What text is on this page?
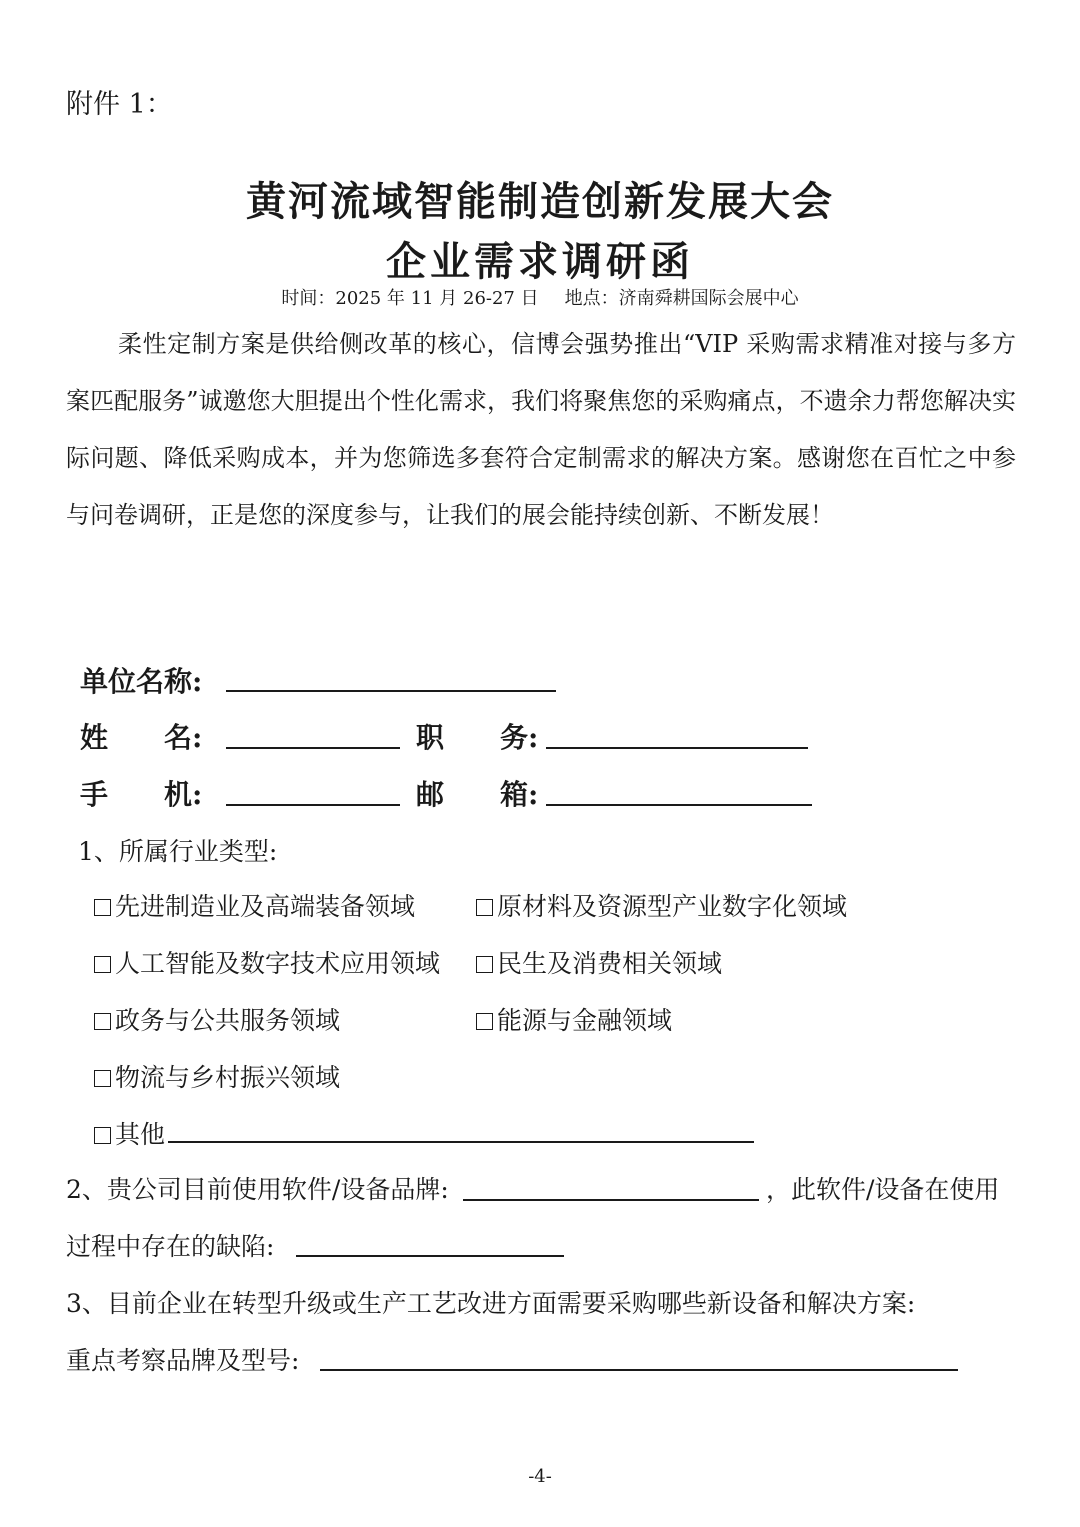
附件 1：
黄河流域智能制造创新发展大会
企业需求调研函
时间：2025 年 11 月 26-27 日 地点：济南舜耕国际会展中心
柔性定制方案是供给侧改革的核心，信博会强势推出“VIP 采购需求精准对接与多方案匹配服务”诚邀您大胆提出个性化需求，我们将聚焦您的采购痛点，不遗余力帮您解决实际问题、降低采购成本，并为您筛选多套符合定制需求的解决方案。感谢您在百忙之中参与问卷调研，正是您的深度参与，让我们的展会能持续创新、不断发展！
单位名称:
姓　　名:	职　　务:
手　　机:	邮　　箱:
1、所属行业类型:
先进制造业及高端装备领域	原材料及资源型产业数字化领域
人工智能及数字技术应用领域	民生及消费相关领域
政务与公共服务领域	能源与金融领域
物流与乡村振兴领域
其他
2、贵公司目前使用软件/设备品牌:	，此软件/设备在使用
过程中存在的缺陷:
3、目前企业在转型升级或生产工艺改进方面需要采购哪些新设备和解决方案:
重点考察品牌及型号:
-4-
